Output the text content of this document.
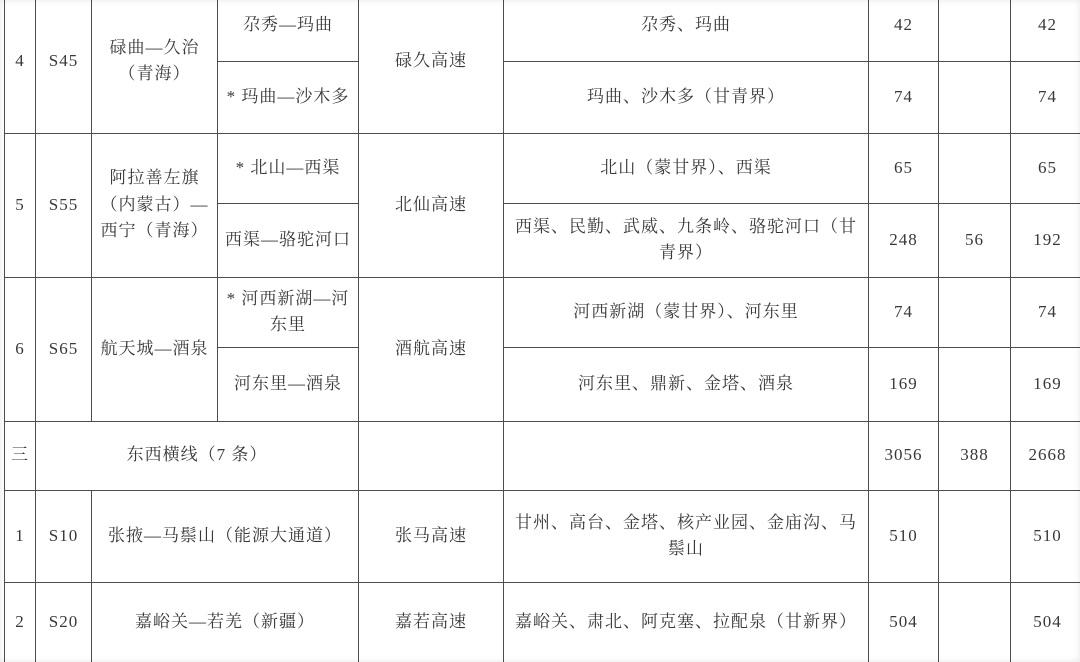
4	S45	碌曲—久治（青海）	尕秀—玛曲	碌久高速	尕秀、玛曲	42		42
			* 玛曲—沙木多		玛曲、沙木多（甘青界）	74		74
5	S55	阿拉善左旗（内蒙古）—西宁（青海）	* 北山—西渠	北仙高速	北山（蒙甘界）、西渠	65		65
			西渠—骆驼河口		西渠、民勤、武威、九条岭、骆驼河口（甘青界）	248	56	192
6	S65	航天城—酒泉	* 河西新湖—河东里	酒航高速	河西新湖（蒙甘界）、河东里	74		74
			河东里—酒泉		河东里、鼎新、金塔、酒泉	169		169
三	东西横线（7 条）					3056	388	2668
1	S10	张掖—马鬃山（能源大通道）		张马高速	甘州、高台、金塔、核产业园、金庙沟、马鬃山	510		510
2	S20	嘉峪关—若羌（新疆）		嘉若高速	嘉峪关、肃北、阿克塞、拉配泉（甘新界）	504		504
